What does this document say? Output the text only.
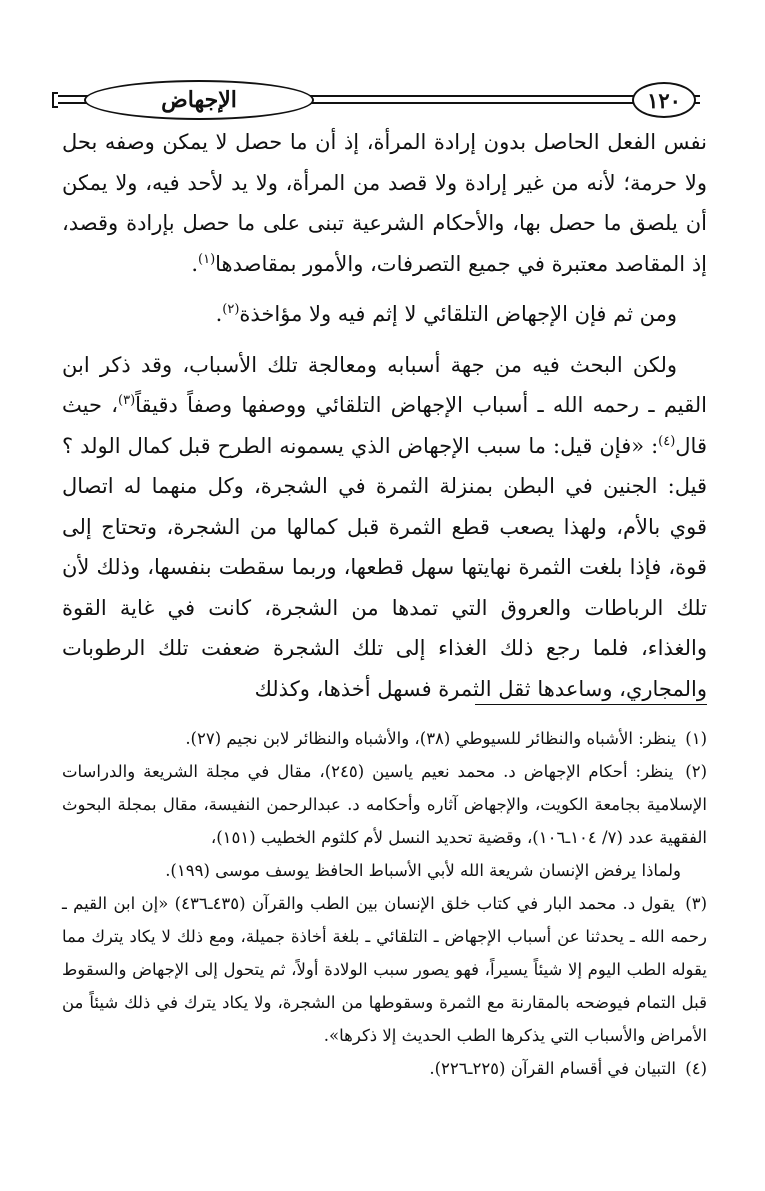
الإجهاض	١٢٠

نفس الفعل الحاصل بدون إرادة المرأة، إذ أن ما حصل لا يمكن وصفه بحل ولا حرمة؛ لأنه من غير إرادة ولا قصد من المرأة، ولا يد لأحد فيه، ولا يمكن أن يلصق ما حصل بها، والأحكام الشرعية تبنى على ما حصل بإرادة وقصد، إذ المقاصد معتبرة في جميع التصرفات، والأمور بمقاصدها$^{(١)}$.

ومن ثم فإن الإجهاض التلقائي لا إثم فيه ولا مؤاخذة$^{(٢)}$.

ولكن البحث فيه من جهة أسبابه ومعالجة تلك الأسباب، وقد ذكر ابن القيم ـ رحمه الله ـ أسباب الإجهاض التلقائي ووصفها وصفاً دقيقاً$^{(٣)}$، حيث قال$^{(٤)}$: «فإن قيل: ما سبب الإجهاض الذي يسمونه الطرح قبل كمال الولد ؟ قيل: الجنين في البطن بمنزلة الثمرة في الشجرة، وكل منهما له اتصال قوي بالأم، ولهذا يصعب قطع الثمرة قبل كمالها من الشجرة، وتحتاج إلى قوة، فإذا بلغت الثمرة نهايتها سهل قطعها، وربما سقطت بنفسها، وذلك لأن تلك الرباطات والعروق التي تمدها من الشجرة، كانت في غاية القوة والغذاء، فلما رجع ذلك الغذاء إلى تلك الشجرة ضعفت تلك الرطوبات والمجاري، وساعدها ثقل الثمرة فسهل أخذها، وكذلك

(١) ينظر: الأشباه والنظائر للسيوطي (٣٨)، والأشباه والنظائر لابن نجيم (٢٧).

(٢) ينظر: أحكام الإجهاض د. محمد نعيم ياسين (٢٤٥)، مقال في مجلة الشريعة والدراسات الإسلامية بجامعة الكويت، والإجهاض آثاره وأحكامه د. عبدالرحمن النفيسة، مقال بمجلة البحوث الفقهية عدد (٧/ ١٠٤ـ١٠٦)، وقضية تحديد النسل لأم كلثوم الخطيب (١٥١)،
ولماذا يرفض الإنسان شريعة الله لأبي الأسباط الحافظ يوسف موسى (١٩٩).

(٣) يقول د. محمد البار في كتاب خلق الإنسان بين الطب والقرآن (٤٣٥ـ٤٣٦) «إن ابن القيم ـ رحمه الله ـ يحدثنا عن أسباب الإجهاض ـ التلقائي ـ بلغة أخاذة جميلة، ومع ذلك لا يكاد يترك مما يقوله الطب اليوم إلا شيئاً يسيراً، فهو يصور سبب الولادة أولاً، ثم يتحول إلى الإجهاض والسقوط قبل التمام فيوضحه بالمقارنة مع الثمرة وسقوطها من الشجرة، ولا يكاد يترك في ذلك شيئاً من الأمراض والأسباب التي يذكرها الطب الحديث إلا ذكرها».

(٤) التبيان في أقسام القرآن (٢٢٥ـ٢٢٦).
